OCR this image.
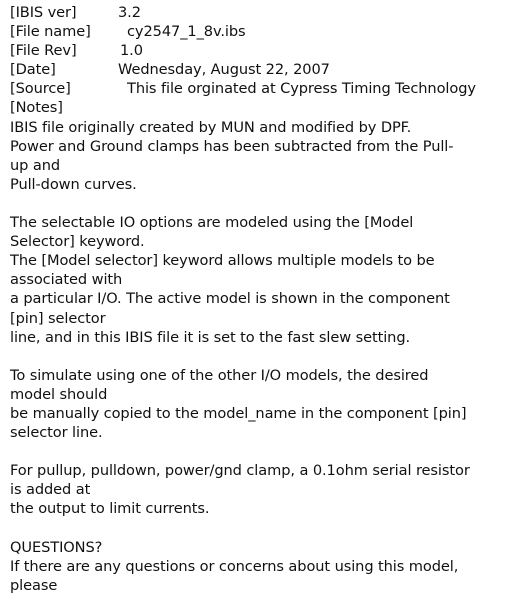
[IBIS ver]	3.2
[File name] cy2547_1_8v.ibs
[File Rev]	1.0
[Date]	Wednesday, August 22, 2007
[Source]	This file orginated at Cypress Timing Technology
[Notes]
IBIS file originally created by MUN and modified by DPF.
Power and Ground clamps has been subtracted from the Pull-
up and
Pull-down curves.
The selectable IO options are modeled using the [Model
Selector] keyword.
The [Model selector] keyword allows multiple models to be
associated with
a particular I/O. The active model is shown in the component
[pin] selector
line, and in this IBIS file it is set to the fast slew setting.
To simulate using one of the other I/O models, the desired
model should
be manually copied to the model_name in the component [pin]
selector line.
For pullup, pulldown, power/gnd clamp, a 0.1ohm serial resistor
is added at
the output to limit currents.
QUESTIONS?
If there are any questions or concerns about using this model,
please
